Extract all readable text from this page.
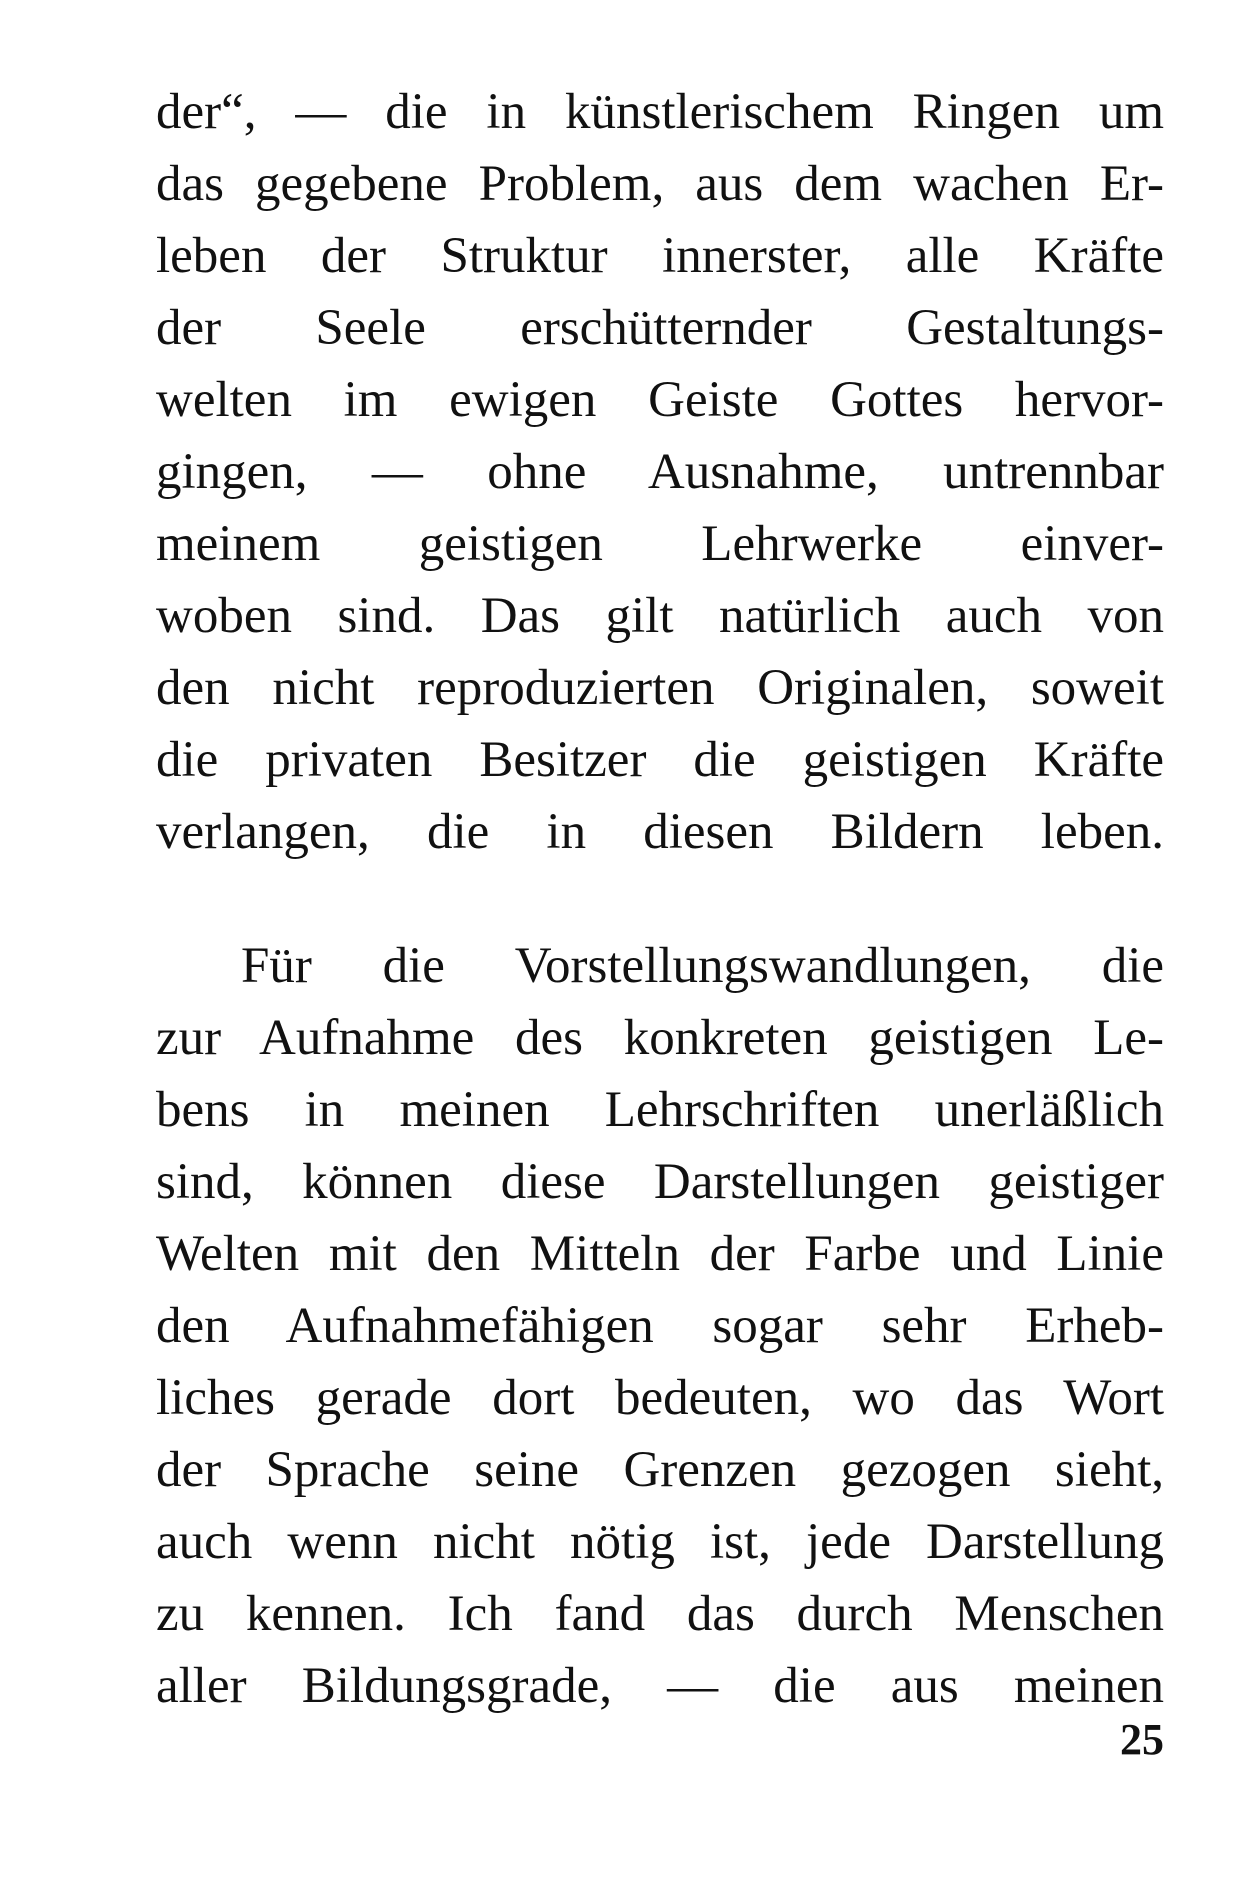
der“, — die in künstlerischem Ringen um
das gegebene Problem, aus dem wachen Er-
leben der Struktur innerster, alle Kräfte
der Seele erschütternder Gestaltungs-
welten im ewigen Geiste Gottes hervor-
gingen, — ohne Ausnahme, untrennbar
meinem geistigen Lehrwerke einver-
woben sind. Das gilt natürlich auch von
den nicht reproduzierten Originalen, soweit
die privaten Besitzer die geistigen Kräfte
verlangen, die in diesen Bildern leben.
Für die Vorstellungswandlungen, die
zur Aufnahme des konkreten geistigen Le-
bens in meinen Lehrschriften unerläßlich
sind, können diese Darstellungen geistiger
Welten mit den Mitteln der Farbe und Linie
den Aufnahmefähigen sogar sehr Erheb-
liches gerade dort bedeuten, wo das Wort
der Sprache seine Grenzen gezogen sieht,
auch wenn nicht nötig ist, jede Darstellung
zu kennen. Ich fand das durch Menschen
aller Bildungsgrade, — die aus meinen
25
